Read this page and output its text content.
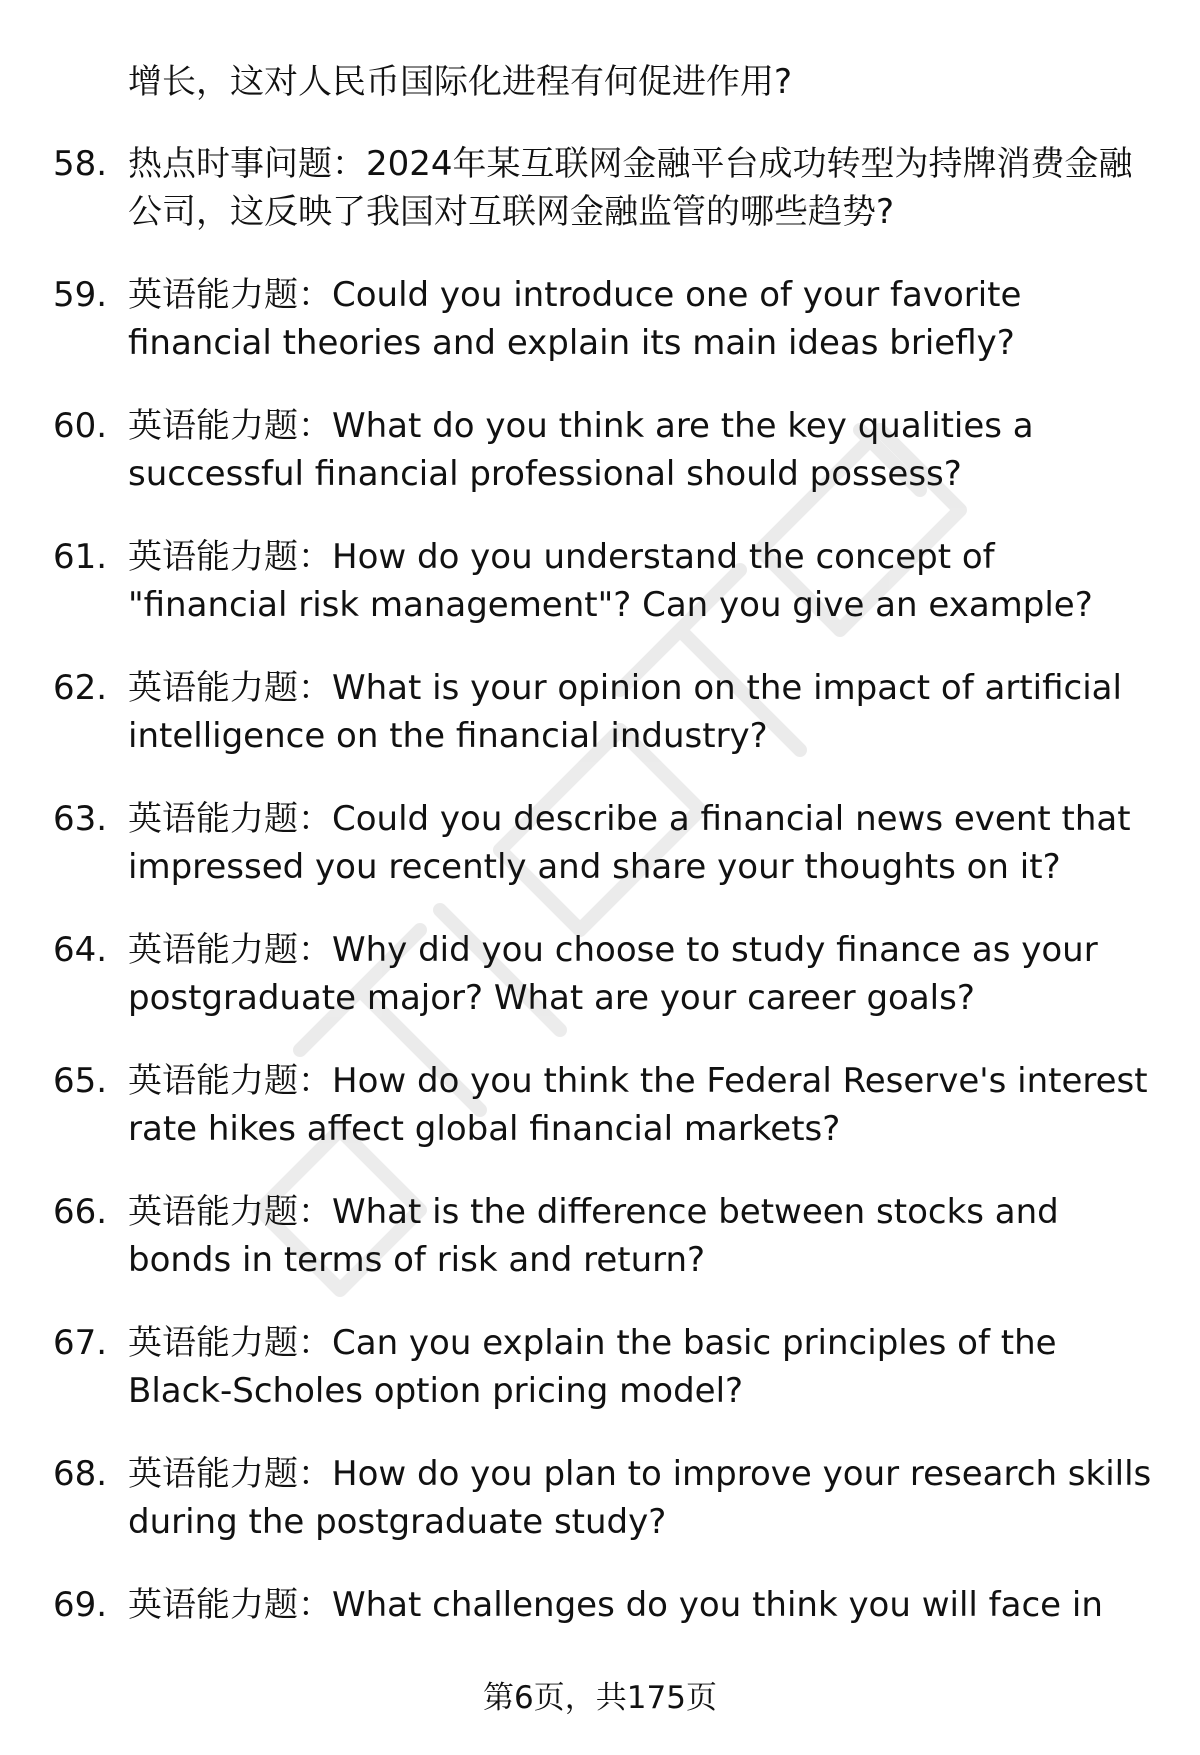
增长，这对人民币国际化进程有何促进作用?
58. 热点时事问题：2024年某互联网金融平台成功转型为持牌消费金融公司，这反映了我国对互联网金融监管的哪些趋势?
59. 英语能力题：Could you introduce one of your favorite financial theories and explain its main ideas briefly?
60. 英语能力题：What do you think are the key qualities a successful financial professional should possess?
61. 英语能力题：How do you understand the concept of "financial risk management"? Can you give an example?
62. 英语能力题：What is your opinion on the impact of artificial intelligence on the financial industry?
63. 英语能力题：Could you describe a financial news event that impressed you recently and share your thoughts on it?
64. 英语能力题：Why did you choose to study finance as your postgraduate major? What are your career goals?
65. 英语能力题：How do you think the Federal Reserve's interest rate hikes affect global financial markets?
66. 英语能力题：What is the difference between stocks and bonds in terms of risk and return?
67. 英语能力题：Can you explain the basic principles of the Black-Scholes option pricing model?
68. 英语能力题：How do you plan to improve your research skills during the postgraduate study?
69. 英语能力题：What challenges do you think you will face in
第6页，共175页
